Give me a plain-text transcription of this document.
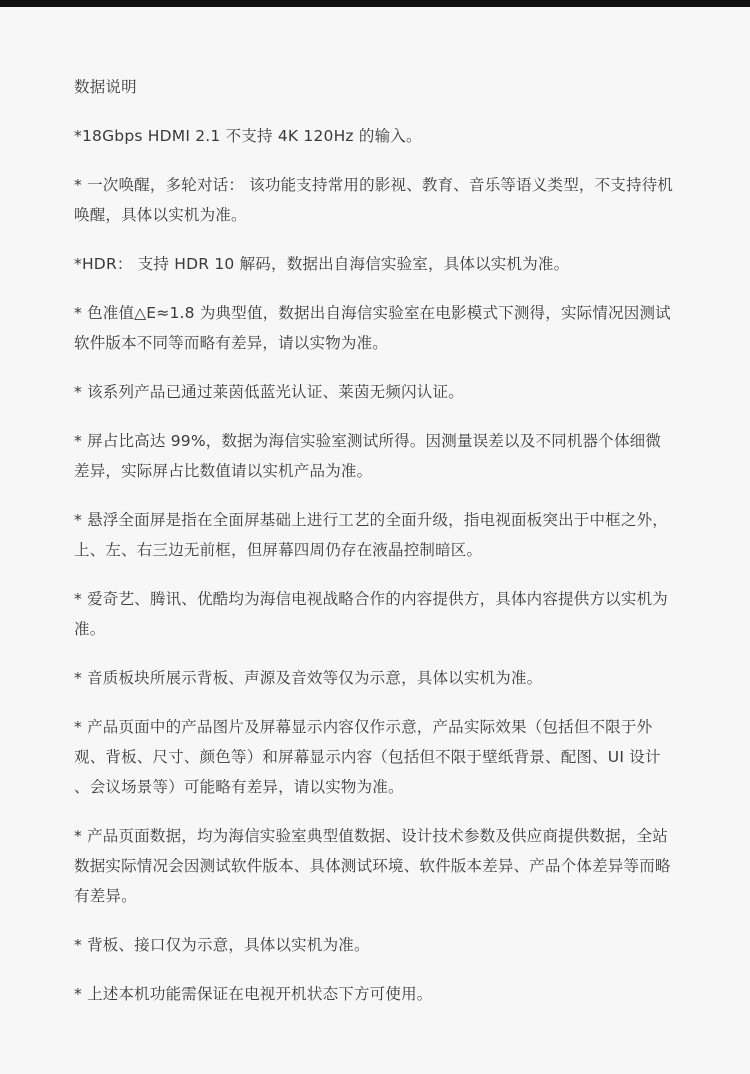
数据说明

*18Gbps HDMI 2.1 不支持 4K 120Hz 的输入。

* 一次唤醒，多轮对话： 该功能支持常用的影视、教育、音乐等语义类型，不支持待机唤醒，具体以实机为准。

*HDR： 支持 HDR 10 解码，数据出自海信实验室，具体以实机为准。

* 色准值△E≈1.8 为典型值，数据出自海信实验室在电影模式下测得，实际情况因测试软件版本不同等而略有差异，请以实物为准。

* 该系列产品已通过莱茵低蓝光认证、莱茵无频闪认证。

* 屏占比高达 99%，数据为海信实验室测试所得。因测量误差以及不同机器个体细微差异，实际屏占比数值请以实机产品为准。

* 悬浮全面屏是指在全面屏基础上进行工艺的全面升级，指电视面板突出于中框之外，上、左、右三边无前框，但屏幕四周仍存在液晶控制暗区。

* 爱奇艺、腾讯、优酷均为海信电视战略合作的内容提供方，具体内容提供方以实机为准。

* 音质板块所展示背板、声源及音效等仅为示意，具体以实机为准。

* 产品页面中的产品图片及屏幕显示内容仅作示意，产品实际效果（包括但不限于外观、背板、尺寸、颜色等）和屏幕显示内容（包括但不限于壁纸背景、配图、UI 设计 、会议场景等）可能略有差异，请以实物为准。

* 产品页面数据，均为海信实验室典型值数据、设计技术参数及供应商提供数据，全站数据实际情况会因测试软件版本、具体测试环境、软件版本差异、产品个体差异等而略有差异。

* 背板、接口仅为示意，具体以实机为准。

* 上述本机功能需保证在电视开机状态下方可使用。
